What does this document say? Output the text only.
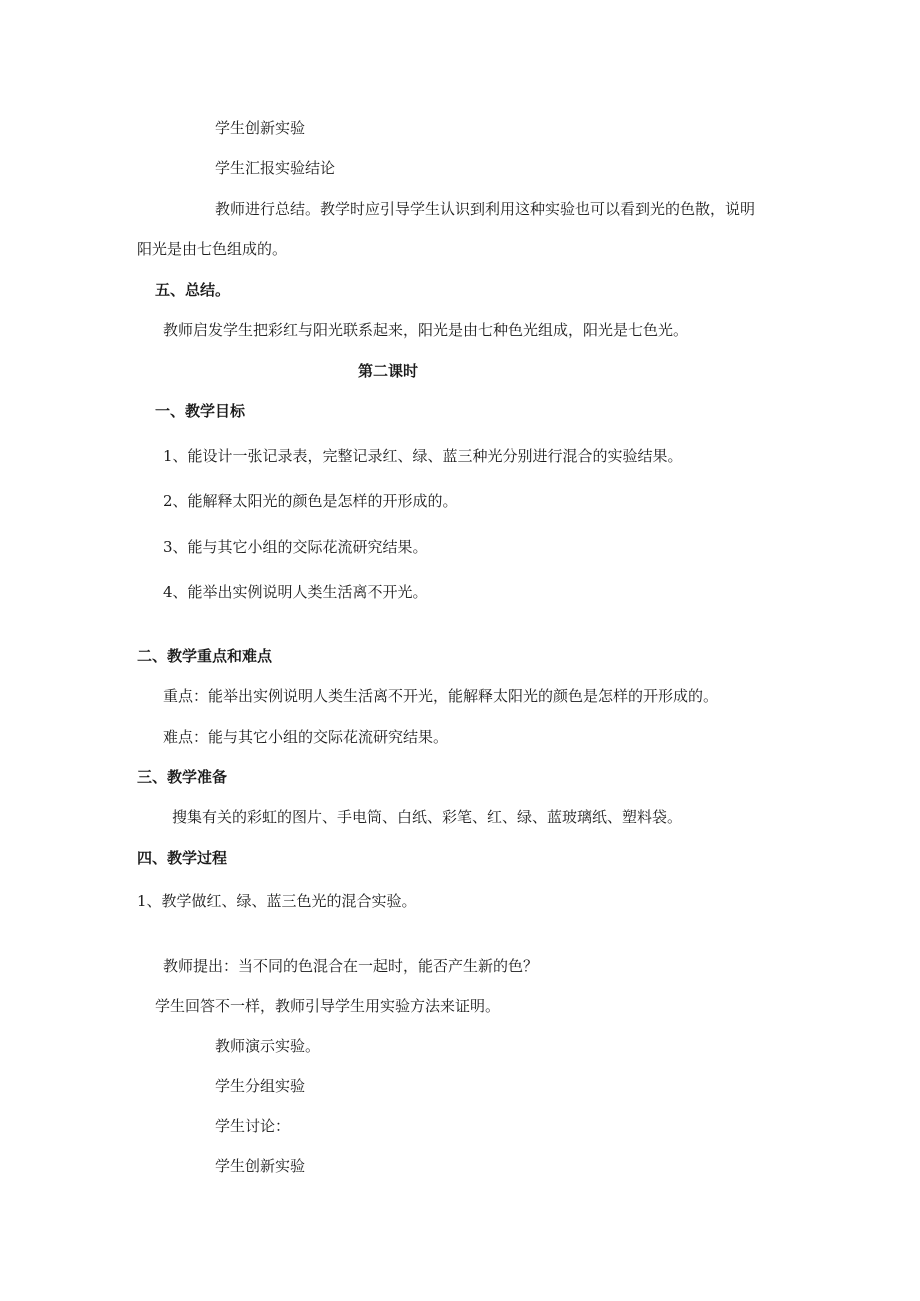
学生创新实验
学生汇报实验结论
教师进行总结。教学时应引导学生认识到利用这种实验也可以看到光的色散，说明
阳光是由七色组成的。
五、总结。
教师启发学生把彩红与阳光联系起来，阳光是由七种色光组成，阳光是七色光。
第二课时
一、教学目标
1、能设计一张记录表，完整记录红、绿、蓝三种光分别进行混合的实验结果。
2、能解释太阳光的颜色是怎样的开形成的。
3、能与其它小组的交际花流研究结果。
4、能举出实例说明人类生活离不开光。
二、教学重点和难点
重点：能举出实例说明人类生活离不开光，能解释太阳光的颜色是怎样的开形成的。
难点：能与其它小组的交际花流研究结果。
三、教学准备
搜集有关的彩虹的图片、手电筒、白纸、彩笔、红、绿、蓝玻璃纸、塑料袋。
四、教学过程
1、教学做红、绿、蓝三色光的混合实验。
教师提出：当不同的色混合在一起时，能否产生新的色？
学生回答不一样，教师引导学生用实验方法来证明。
教师演示实验。
学生分组实验
学生讨论：
学生创新实验
